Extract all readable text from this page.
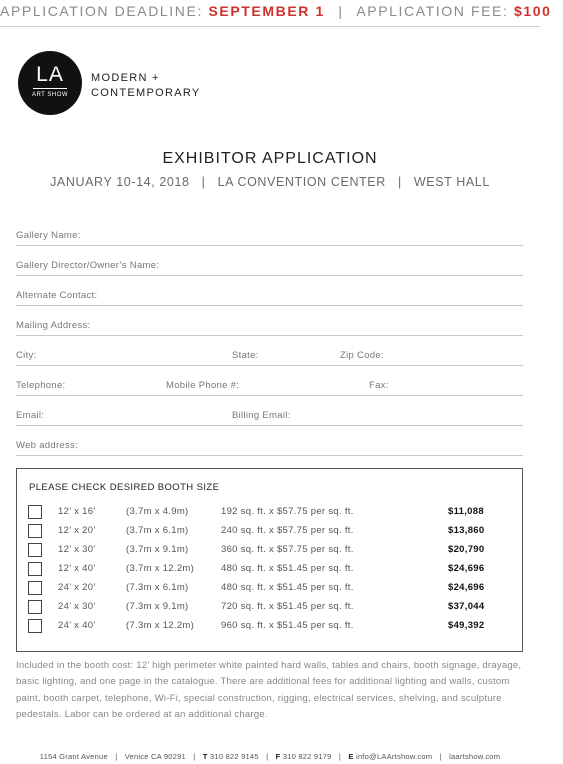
APPLICATION DEADLINE: SEPTEMBER 1 | APPLICATION FEE: $100
LA
ART SHOW
MODERN +
CONTEMPORARY
EXHIBITOR APPLICATION
JANUARY 10-14, 2018 | LA CONVENTION CENTER | WEST HALL
Gallery Name:
Gallery Director/Owner’s Name:
Alternate Contact:
Mailing Address:
City:	State:	Zip Code:
Telephone:	Mobile Phone #:	Fax:
Email:	Billing Email:
Web address:
PLEASE CHECK DESIRED BOOTH SIZE
12’ x 16’	(3.7m x 4.9m)	192 sq. ft. x $57.75 per sq. ft.	$11,088
12’ x 20’	(3.7m x 6.1m)	240 sq. ft. x $57.75 per sq. ft.	$13,860
12’ x 30’	(3.7m x 9.1m)	360 sq. ft. x $57.75 per sq. ft.	$20,790
12’ x 40’	(3.7m x 12.2m)	480 sq. ft. x $51.45 per sq. ft.	$24,696
24’ x 20’	(7.3m x 6.1m)	480 sq. ft. x $51.45 per sq. ft.	$24,696
24’ x 30’	(7.3m x 9.1m)	720 sq. ft. x $51.45 per sq. ft.	$37,044
24’ x 40’	(7.3m x 12.2m)	960 sq. ft. x $51.45 per sq. ft.	$49,392
Included in the booth cost: 12’ high perimeter white painted hard walls, tables and chairs, booth signage, drayage, basic lighting, and one page in the catalogue. There are additional fees for additional lighting and walls, custom paint, booth carpet, telephone, Wi-Fi, special construction, rigging, electrical services, shelving, and sculpture pedestals. Labor can be ordered at an additional charge.
1154 Grant Avenue | Venice CA 90291 | T 310 822 9145 | F 310 822 9179 | E info@LAArtshow.com | laartshow.com
